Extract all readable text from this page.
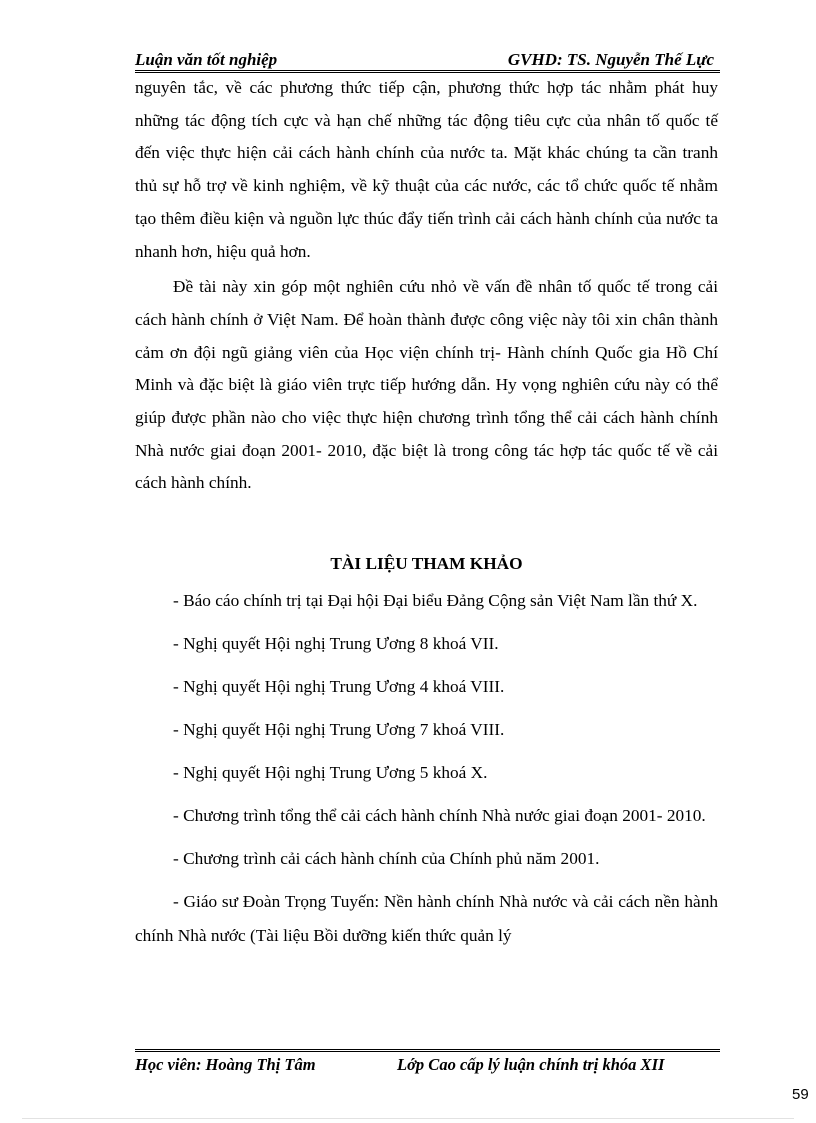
Luận văn tốt nghiệp	GVHD: TS. Nguyễn Thế Lực

nguyên tắc, về các phương thức tiếp cận, phương thức hợp tác nhằm phát huy những tác động tích cực và hạn chế những tác động tiêu cực của nhân tố quốc tế đến việc thực hiện cải cách hành chính của nước ta. Mặt khác chúng ta cần tranh thủ sự hỗ trợ về kinh nghiệm, về kỹ thuật của các nước, các tổ chức quốc tế nhằm tạo thêm điều kiện và nguồn lực thúc đẩy tiến trình cải cách hành chính của nước ta nhanh hơn, hiệu quả hơn.

Đề tài này xin góp một nghiên cứu nhỏ về vấn đề nhân tố quốc tế trong cải cách hành chính ở Việt Nam. Để hoàn thành được công việc này tôi xin chân thành cảm ơn đội ngũ giảng viên của Học viện chính trị- Hành chính Quốc gia Hồ Chí Minh và đặc biệt là giáo viên trực tiếp hướng dẫn. Hy vọng nghiên cứu này có thể giúp được phần nào cho việc thực hiện chương trình tổng thể cải cách hành chính Nhà nước giai đoạn 2001- 2010, đặc biệt là trong công tác hợp tác quốc tế về cải cách hành chính.

TÀI LIỆU THAM KHẢO

- Báo cáo chính trị tại Đại hội Đại biểu Đảng Cộng sản Việt Nam lần thứ X.

- Nghị quyết Hội nghị Trung Ương 8 khoá VII.

- Nghị quyết Hội nghị Trung Ương 4 khoá VIII.

- Nghị quyết Hội nghị Trung Ương 7 khoá VIII.

- Nghị quyết Hội nghị Trung Ương 5 khoá X.

- Chương trình tổng thể cải cách hành chính Nhà nước giai đoạn 2001- 2010.

- Chương trình cải cách hành chính của Chính phủ năm 2001.

- Giáo sư Đoàn Trọng Tuyến: Nền hành chính Nhà nước và cải cách nền hành chính Nhà nước (Tài liệu Bồi dưỡng kiến thức quản lý

Học viên: Hoàng Thị Tâm	Lớp Cao cấp lý luận chính trị khóa XII
59
